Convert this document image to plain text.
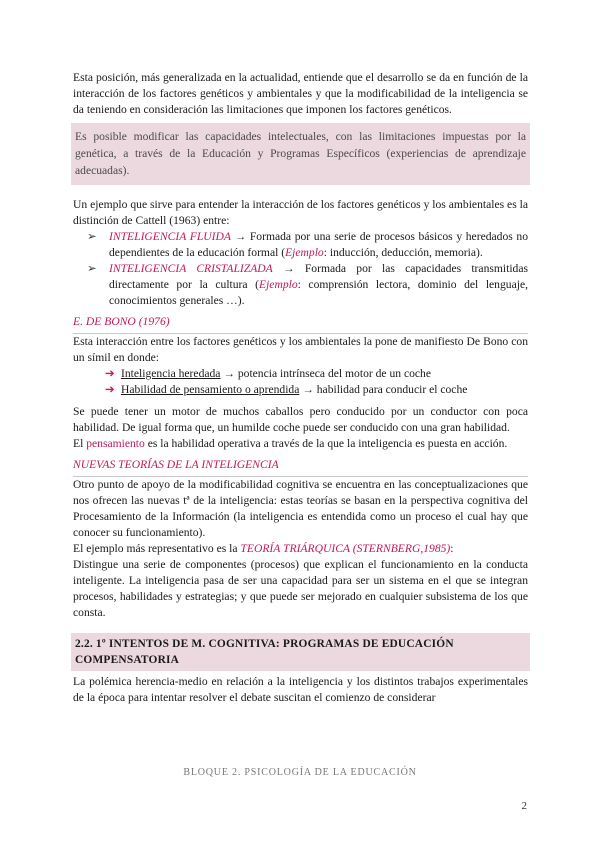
Esta posición, más generalizada en la actualidad, entiende que el desarrollo se da en función de la interacción de los factores genéticos y ambientales y que la modificabilidad de la inteligencia se da teniendo en consideración las limitaciones que imponen los factores genéticos.

Es posible modificar las capacidades intelectuales, con las limitaciones impuestas por la genética, a través de la Educación y Programas Específicos (experiencias de aprendizaje adecuadas).

Un ejemplo que sirve para entender la interacción de los factores genéticos y los ambientales es la distinción de Cattell (1963) entre:

➢ INTELIGENCIA FLUIDA → Formada por una serie de procesos básicos y heredados no dependientes de la educación formal (Ejemplo: inducción, deducción, memoria).
➢ INTELIGENCIA CRISTALIZADA → Formada por las capacidades transmitidas directamente por la cultura (Ejemplo: comprensión lectora, dominio del lenguaje, conocimientos generales …).
E. DE BONO (1976)

Esta interacción entre los factores genéticos y los ambientales la pone de manifiesto De Bono con un símil en donde:

➔ Inteligencia heredada → potencia intrínseca del motor de un coche
➔ Habilidad de pensamiento o aprendida → habilidad para conducir el coche

Se puede tener un motor de muchos caballos pero conducido por un conductor con poca habilidad. De igual forma que, un humilde coche puede ser conducido con una gran habilidad.

El pensamiento es la habilidad operativa a través de la que la inteligencia es puesta en acción.

NUEVAS TEORÍAS DE LA INTELIGENCIA

Otro punto de apoyo de la modificabilidad cognitiva se encuentra en las conceptualizaciones que nos ofrecen las nuevas tª de la inteligencia: estas teorías se basan en la perspectiva cognitiva del Procesamiento de la Información (la inteligencia es entendida como un proceso el cual hay que conocer su funcionamiento).

El ejemplo más representativo es la TEORÍA TRIÁRQUICA (STERNBERG,1985):

Distingue una serie de componentes (procesos) que explican el funcionamiento en la conducta inteligente. La inteligencia pasa de ser una capacidad para ser un sistema en el que se integran procesos, habilidades y estrategias; y que puede ser mejorado en cualquier subsistema de los que consta.

2.2. 1º INTENTOS DE M. COGNITIVA: PROGRAMAS DE EDUCACIÓN COMPENSATORIA

La polémica herencia-medio en relación a la inteligencia y los distintos trabajos experimentales de la época para intentar resolver el debate suscitan el comienzo de considerar

BLOQUE 2. PSICOLOGÍA DE LA EDUCACIÓN
2
